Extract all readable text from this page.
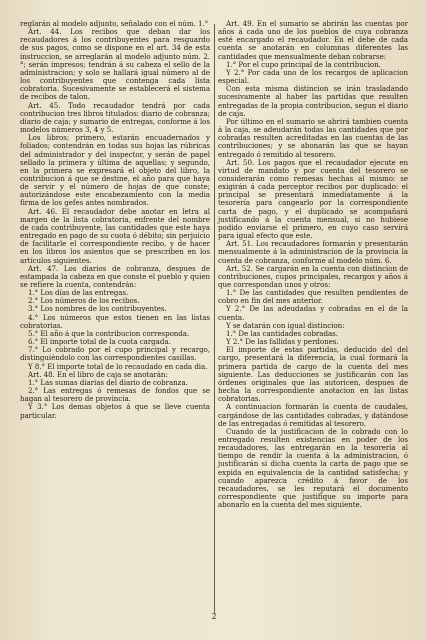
reglarán al modelo adjunto, señalado con el núm. 1.°

Art. 44. Los recibos que deban dar los recaudadores á los contribuyentes para resguardo de sus pagos, como se dispone en el art. 34 de esta instruccion, se arreglarán al modelo adjunto núm. 2.°; serán impresos; tendrán á su cabeza el sello de la administracion; y solo se hallará igual número al de los contribuyentes que contenga cada lista cobratoria. Sucesivamente se establecerá el sistema de recibos de talon.

Art. 45. Todo recaudador tendrá por cada contribucion tres libros titulados: diario de cobranza; diario de caja; y sumario de entregas, conforme á los modelos números 3, 4 y 5.

Los libros; primero, estarán encuadernados y foliados; contendrán en todas sus hojas las rúbricas del administrador y del inspector, y serán de papel sellado la primera y última de aquellas; y segundo, en la primera se expresará el objeto del libro, la contribucion á que se destine, el año para que haya de servir y el número de hojas de que conste; autorizándose este encabezamiento con la media firma de los gefes antes nombrados.

Art. 46. El recaudador debe anotar en letra al margen de la lista cobratoria, enfrente del nombre de cada contribuyente, las cantidades que este haya entregado en pago de su cuota ó débito; sin perjuicio de facilitarle el correspondiente recibo, y de hacer en los libros los asientos que se prescriben en los artículos siguientes.

Art. 47. Los diarios de cobranza, despues de estampada la cabeza en que conste el pueblo y quien se refiere la cuenta, contendrán:

1.° Los días de las entregas.

2.° Los números de los recibos.

3.° Los nombres de los contribuyentes.

4.° Los números que estos tienen en las listas cobratorias.

5.° El año á que la contribucion corresponda.

6.° El importe total de la cuota cargada.

7.° Lo cobrado por el cupo principal y recargo, distinguiéndolo con las correspondientes casillas.

Y 8.° El importe total de lo recaudado en cada dia.

Art. 48. En el libro de caja se anotarán:

1.° Las sumas diarias del diario de cobranza.

2.° Las entregas ó remesas de fondos que se hagan al tesorero de provincia.

Y 3.° Los demas objetos á que se lleve cuenta particular.

Art. 49. En el sumario se abrirán las cuentas por años á cada uno de los pueblos de cuya cobranza esté encargado el recaudador. En el debe de cada cuenta se anotarán en columnas diferentes las cantidades que mensualmente deban cobrarse:

1.° Por el cupo principal de la contribucion.

Y 2.° Por cada uno de los recargos de aplicacion especial.

Con esta misma distincion se irán trasladando sucesivamente al haber las partidas que resulten entregadas de la propia contribucion, segun el diario de caja.

Por último en el sumario se abrirá tambien cuenta á la caja, se adeudarán todas las cantidades que por cobradas resulten acreditadas en las cuentas de las contribuciones; y se abonarán las que se hayan entregado ó remitido al tesorero.

Art. 50. Los pagos que el recaudador ejecute en virtud de mandato y por cuenta del tesorero se considerarán como remesas hechas al mismo: se exigirán á cada perceptor recibos por duplicado: el principal se presentará inmediatamente á la tesorería para cangearlo por la correspondiente carta de pago, y el duplicado se acompañará justificando á la cuenta mensual, si no hubiese podido enviarse el primero, en cuyo caso servirá para igual efecto que este.

Art. 51. Los recaudadores formarán y presentarán mensualmente á la administracion de la provincia la cuenta de cobranza, conforme al modelo núm. 6.

Art. 52. Se cargarán en la cuenta con distincion de contribuciones, cupos principales, recargos y años á que correspondan unos y otros:

1.° De las cantidades que resulten pendientes de cobro en fin del mes anterior.

Y 2.° De las adeudadas y cobradas en el de la cuenta.

Y se datarán con igual distincion:

1.° De las cantidades cobradas.

Y 2.° De las fallidas y perdones.

El importe de estas partidas, deducido del del cargo, presentará la diferencia, la cual formará la primera partida de cargo de la cuenta del mes siguiente. Las deducciones se justificarán con las órdenes originales que las autoricen, despues de hecha la correspondiente anotacion en las listas cobratorias.

A continuacion formarán la cuenta de caudales, cargándose de las cantidades cobradas, y datándose de las entregadas ó remitidas al tesorero.

Cuando de la justificacion de lo cobrado con lo entregado resulten existencias en poder de los recaudadores, las entregarán en la tesorería al tiempo de rendir la cuenta á la administracion, ó justificarán si dicha cuenta la carta de pago que se expida en equivalencia de la cantidad satisfecha; y cuando aparezca crédito á favor de los recaudadores, se les reputará el documento correspondiente que justifique su importe para abonarlo en la cuenta del mes siguiente.

2
